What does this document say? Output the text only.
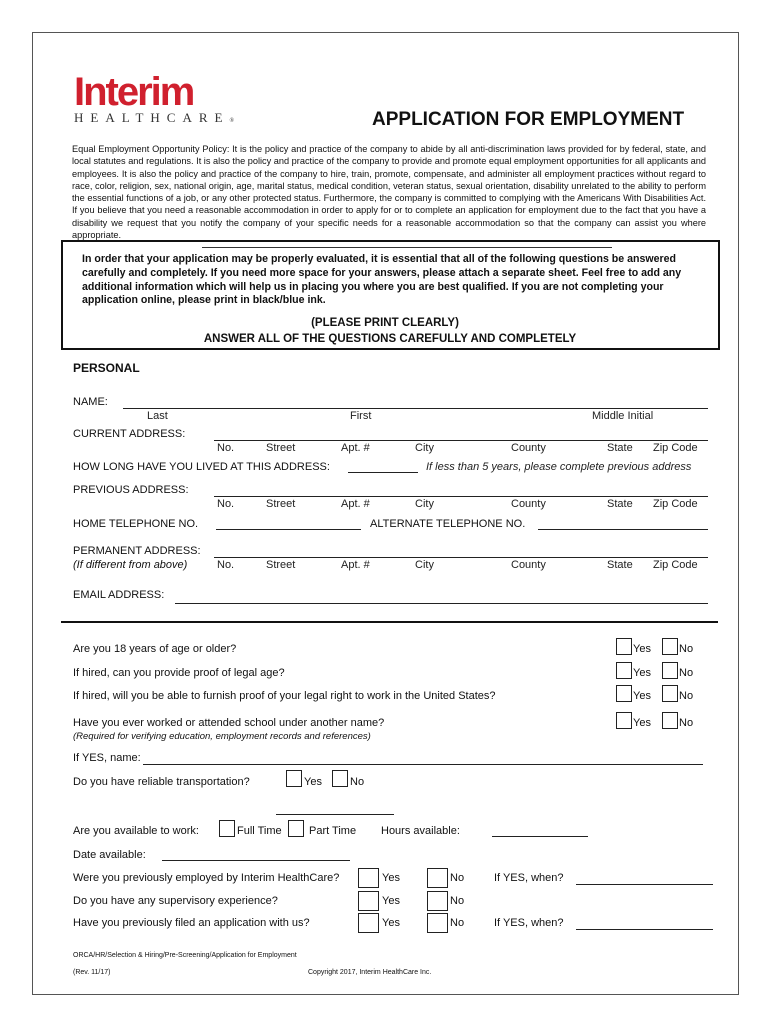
Interim
HEALTHCARE®	APPLICATION FOR EMPLOYMENT
Equal Employment Opportunity Policy: It is the policy and practice of the company to abide by all anti-discrimination laws provided for by federal, state, and local statutes and regulations. It is also the policy and practice of the company to provide and promote equal employment opportunities for all applicants and employees. It is also the policy and practice of the company to hire, train, promote, compensate, and administer all employment practices without regard to race, color, religion, sex, national origin, age, marital status, medical condition, veteran status, sexual orientation, disability unrelated to the ability to perform the essential functions of a job, or any other protected status. Furthermore, the company is committed to complying with the Americans With Disabilities Act. If you believe that you need a reasonable accommodation in order to apply for or to complete an application for employment due to the fact that you have a disability we request that you notify the company of your specific needs for a reasonable accommodation so that the company can assist you where appropriate.
In order that your application may be properly evaluated, it is essential that all of the following questions be answered carefully and completely. If you need more space for your answers, please attach a separate sheet. Feel free to add any additional information which will help us in placing you where you are best qualified. If you are not completing your application online, please print in black/blue ink.
(PLEASE PRINT CLEARLY)
ANSWER ALL OF THE QUESTIONS CAREFULLY AND COMPLETELY
PERSONAL
NAME:
Last	First	Middle Initial
CURRENT ADDRESS:
No.	Street	Apt. #	City	County	State Zip Code
HOW LONG HAVE YOU LIVED AT THIS ADDRESS:	If less than 5 years, please complete previous address
PREVIOUS ADDRESS:
No.	Street	Apt. #	City	County	State Zip Code
HOME TELEPHONE NO.	ALTERNATE TELEPHONE NO.
PERMANENT ADDRESS:
(If different from above)	No.	Street	Apt. #	City	County	State Zip Code
EMAIL ADDRESS:
Are you 18 years of age or older?	Yes	No
If hired, can you provide proof of legal age?	Yes	No
If hired, will you be able to furnish proof of your legal right to work in the United States?	Yes	No
Have you ever worked or attended school under another name?	Yes	No
(Required for verifying education, employment records and references)
If YES, name:
Do you have reliable transportation?	Yes	No
Are you available to work:	Full Time Part Time Hours available:
Date available:
Were you previously employed by Interim HealthCare?	Yes	No	If YES, when?
Do you have any supervisory experience?	Yes	No
Have you previously filed an application with us?	Yes	No	If YES, when?
ORCA/HR/Selection & Hiring/Pre-Screening/Application for Employment
(Rev. 11/17)	Copyright 2017, Interim HealthCare Inc.
